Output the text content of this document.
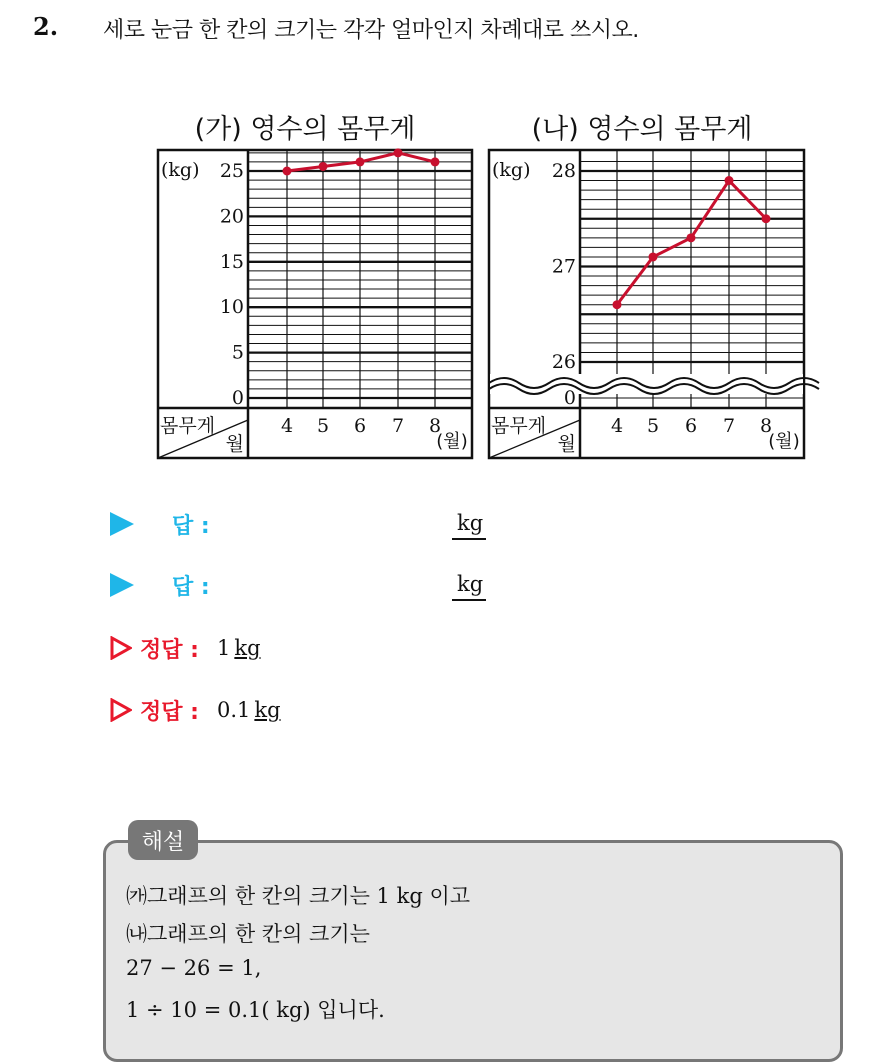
2. 세로 눈금 한 칸의 크기는 각각 얼마인지 차례대로 쓰시오.
(가) 영수의 몸무게
0
5
10
15
20
25
(kg)
몸무게
월
4 5 6 7 8
(월)
(나) 영수의 몸무게
0
26
27
28
(kg)
몸무게
월
4 5 6 7 8
(월)
답 :	kg
답 :	kg
정답 : 1 kg
정답 : 0.1 kg
해설
㈎그래프의 한 칸의 크기는 1 kg 이고
㈏그래프의 한 칸의 크기는
27 − 26 = 1,
1 ÷ 10 = 0.1( kg) 입니다.
